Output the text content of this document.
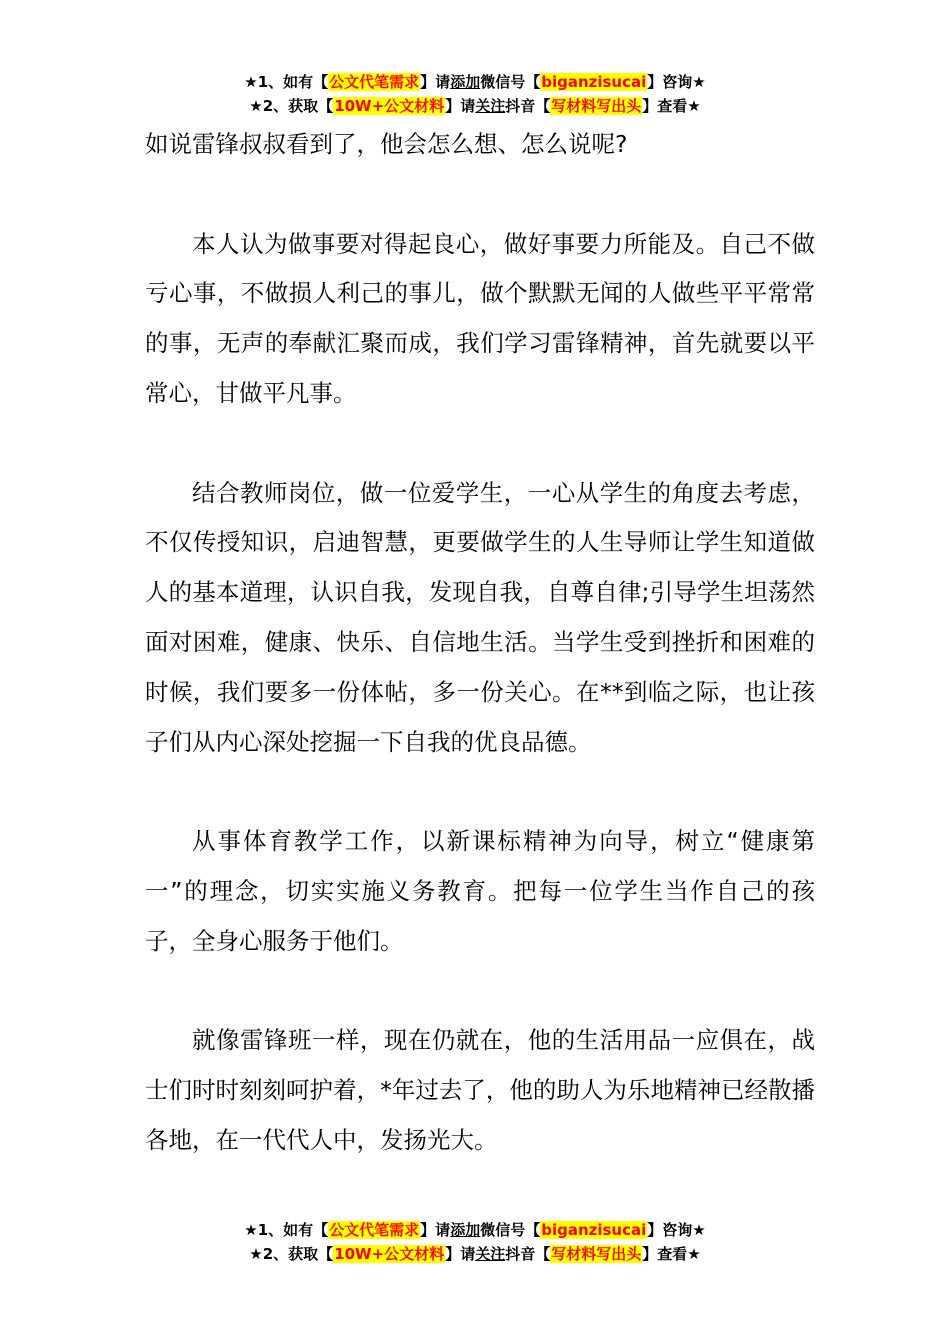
★1、如有【公文代笔需求】请添加微信号【biganzisucai】咨询★
★2、获取【10W+公文材料】请关注抖音【写材料写出头】查看★

如说雷锋叔叔看到了，他会怎么想、怎么说呢?

本人认为做事要对得起良心，做好事要力所能及。自己不做亏心事，不做损人利己的事儿，做个默默无闻的人做些平平常常的事，无声的奉献汇聚而成，我们学习雷锋精神，首先就要以平常心，甘做平凡事。

结合教师岗位，做一位爱学生，一心从学生的角度去考虑，不仅传授知识，启迪智慧，更要做学生的人生导师让学生知道做人的基本道理，认识自我，发现自我，自尊自律;引导学生坦荡然面对困难，健康、快乐、自信地生活。当学生受到挫折和困难的时候，我们要多一份体帖，多一份关心。在**到临之际，也让孩子们从内心深处挖掘一下自我的优良品德。

从事体育教学工作，以新课标精神为向导，树立“健康第一”的理念，切实实施义务教育。把每一位学生当作自己的孩子，全身心服务于他们。

就像雷锋班一样，现在仍就在，他的生活用品一应俱在，战士们时时刻刻呵护着，*年过去了，他的助人为乐地精神已经散播各地，在一代代人中，发扬光大。

★1、如有【公文代笔需求】请添加微信号【biganzisucai】咨询★
★2、获取【10W+公文材料】请关注抖音【写材料写出头】查看★
